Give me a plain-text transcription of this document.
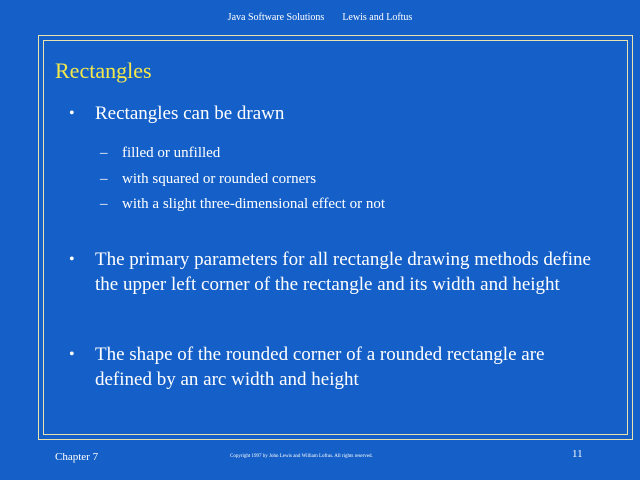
Java Software Solutions Lewis and Loftus
Rectangles
• Rectangles can be drawn
– filled or unfilled
– with squared or rounded corners
– with a slight three-dimensional effect or not
• The primary parameters for all rectangle drawing methods define the upper left corner of the rectangle and its width and height
• The shape of the rounded corner of a rounded rectangle are defined by an arc width and height
Chapter 7	Copyright 1997 by John Lewis and William Loftus. All rights reserved.	11
